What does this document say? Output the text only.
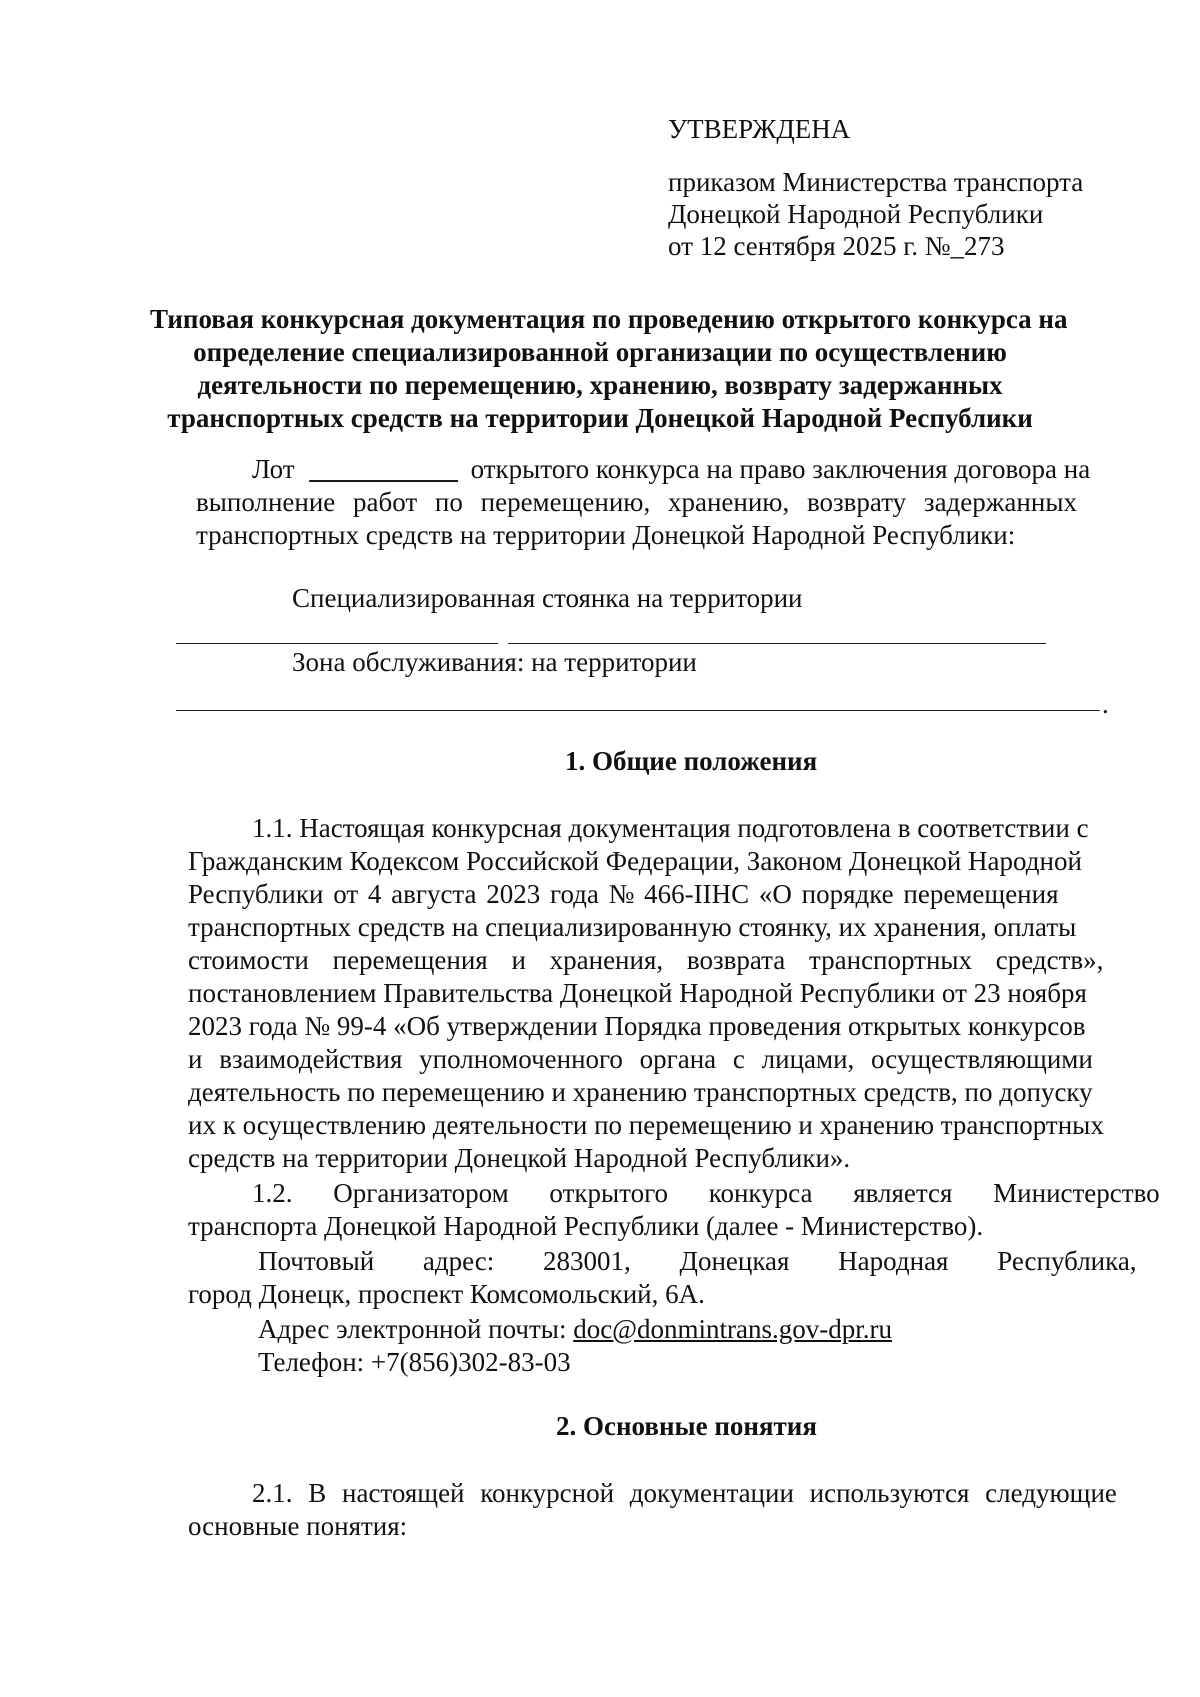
УТВЕРЖДЕНА
приказом Министерства транспорта
Донецкой Народной Республики
от 12 сентября 2025 г. №_273
Типовая конкурсная документация по проведению открытого конкурса на
определение специализированной организации по осуществлению
деятельности по перемещению, хранению, возврату задержанных
транспортных средств на территории Донецкой Народной Республики
Лот ___________ открытого конкурса на право заключения договора на
выполнение работ по перемещению, хранению, возврату задержанных
транспортных средств на территории Донецкой Народной Республики:
Специализированная стоянка на территории
Зона обслуживания: на территории
.
1. Общие положения
1.1. Настоящая конкурсная документация подготовлена в соответствии с
Гражданским Кодексом Российской Федерации, Законом Донецкой Народной
Республики от 4 августа 2023 года № 466-IIНС «О порядке перемещения
транспортных средств на специализированную стоянку, их хранения, оплаты
стоимости перемещения и хранения, возврата транспортных средств»,
постановлением Правительства Донецкой Народной Республики от 23 ноября
2023 года № 99-4 «Об утверждении Порядка проведения открытых конкурсов
и взаимодействия уполномоченного органа с лицами, осуществляющими
деятельность по перемещению и хранению транспортных средств, по допуску
их к осуществлению деятельности по перемещению и хранению транспортных
средств на территории Донецкой Народной Республики».
1.2. Организатором открытого конкурса является Министерство
транспорта Донецкой Народной Республики (далее - Министерство).
Почтовый адрес: 283001, Донецкая Народная Республика,
город Донецк, проспект Комсомольский, 6А.
Адрес электронной почты: doc@donmintrans.gov-dpr.ru
Телефон: +7(856)302-83-03
2. Основные понятия
2.1. В настоящей конкурсной документации используются следующие
основные понятия:
